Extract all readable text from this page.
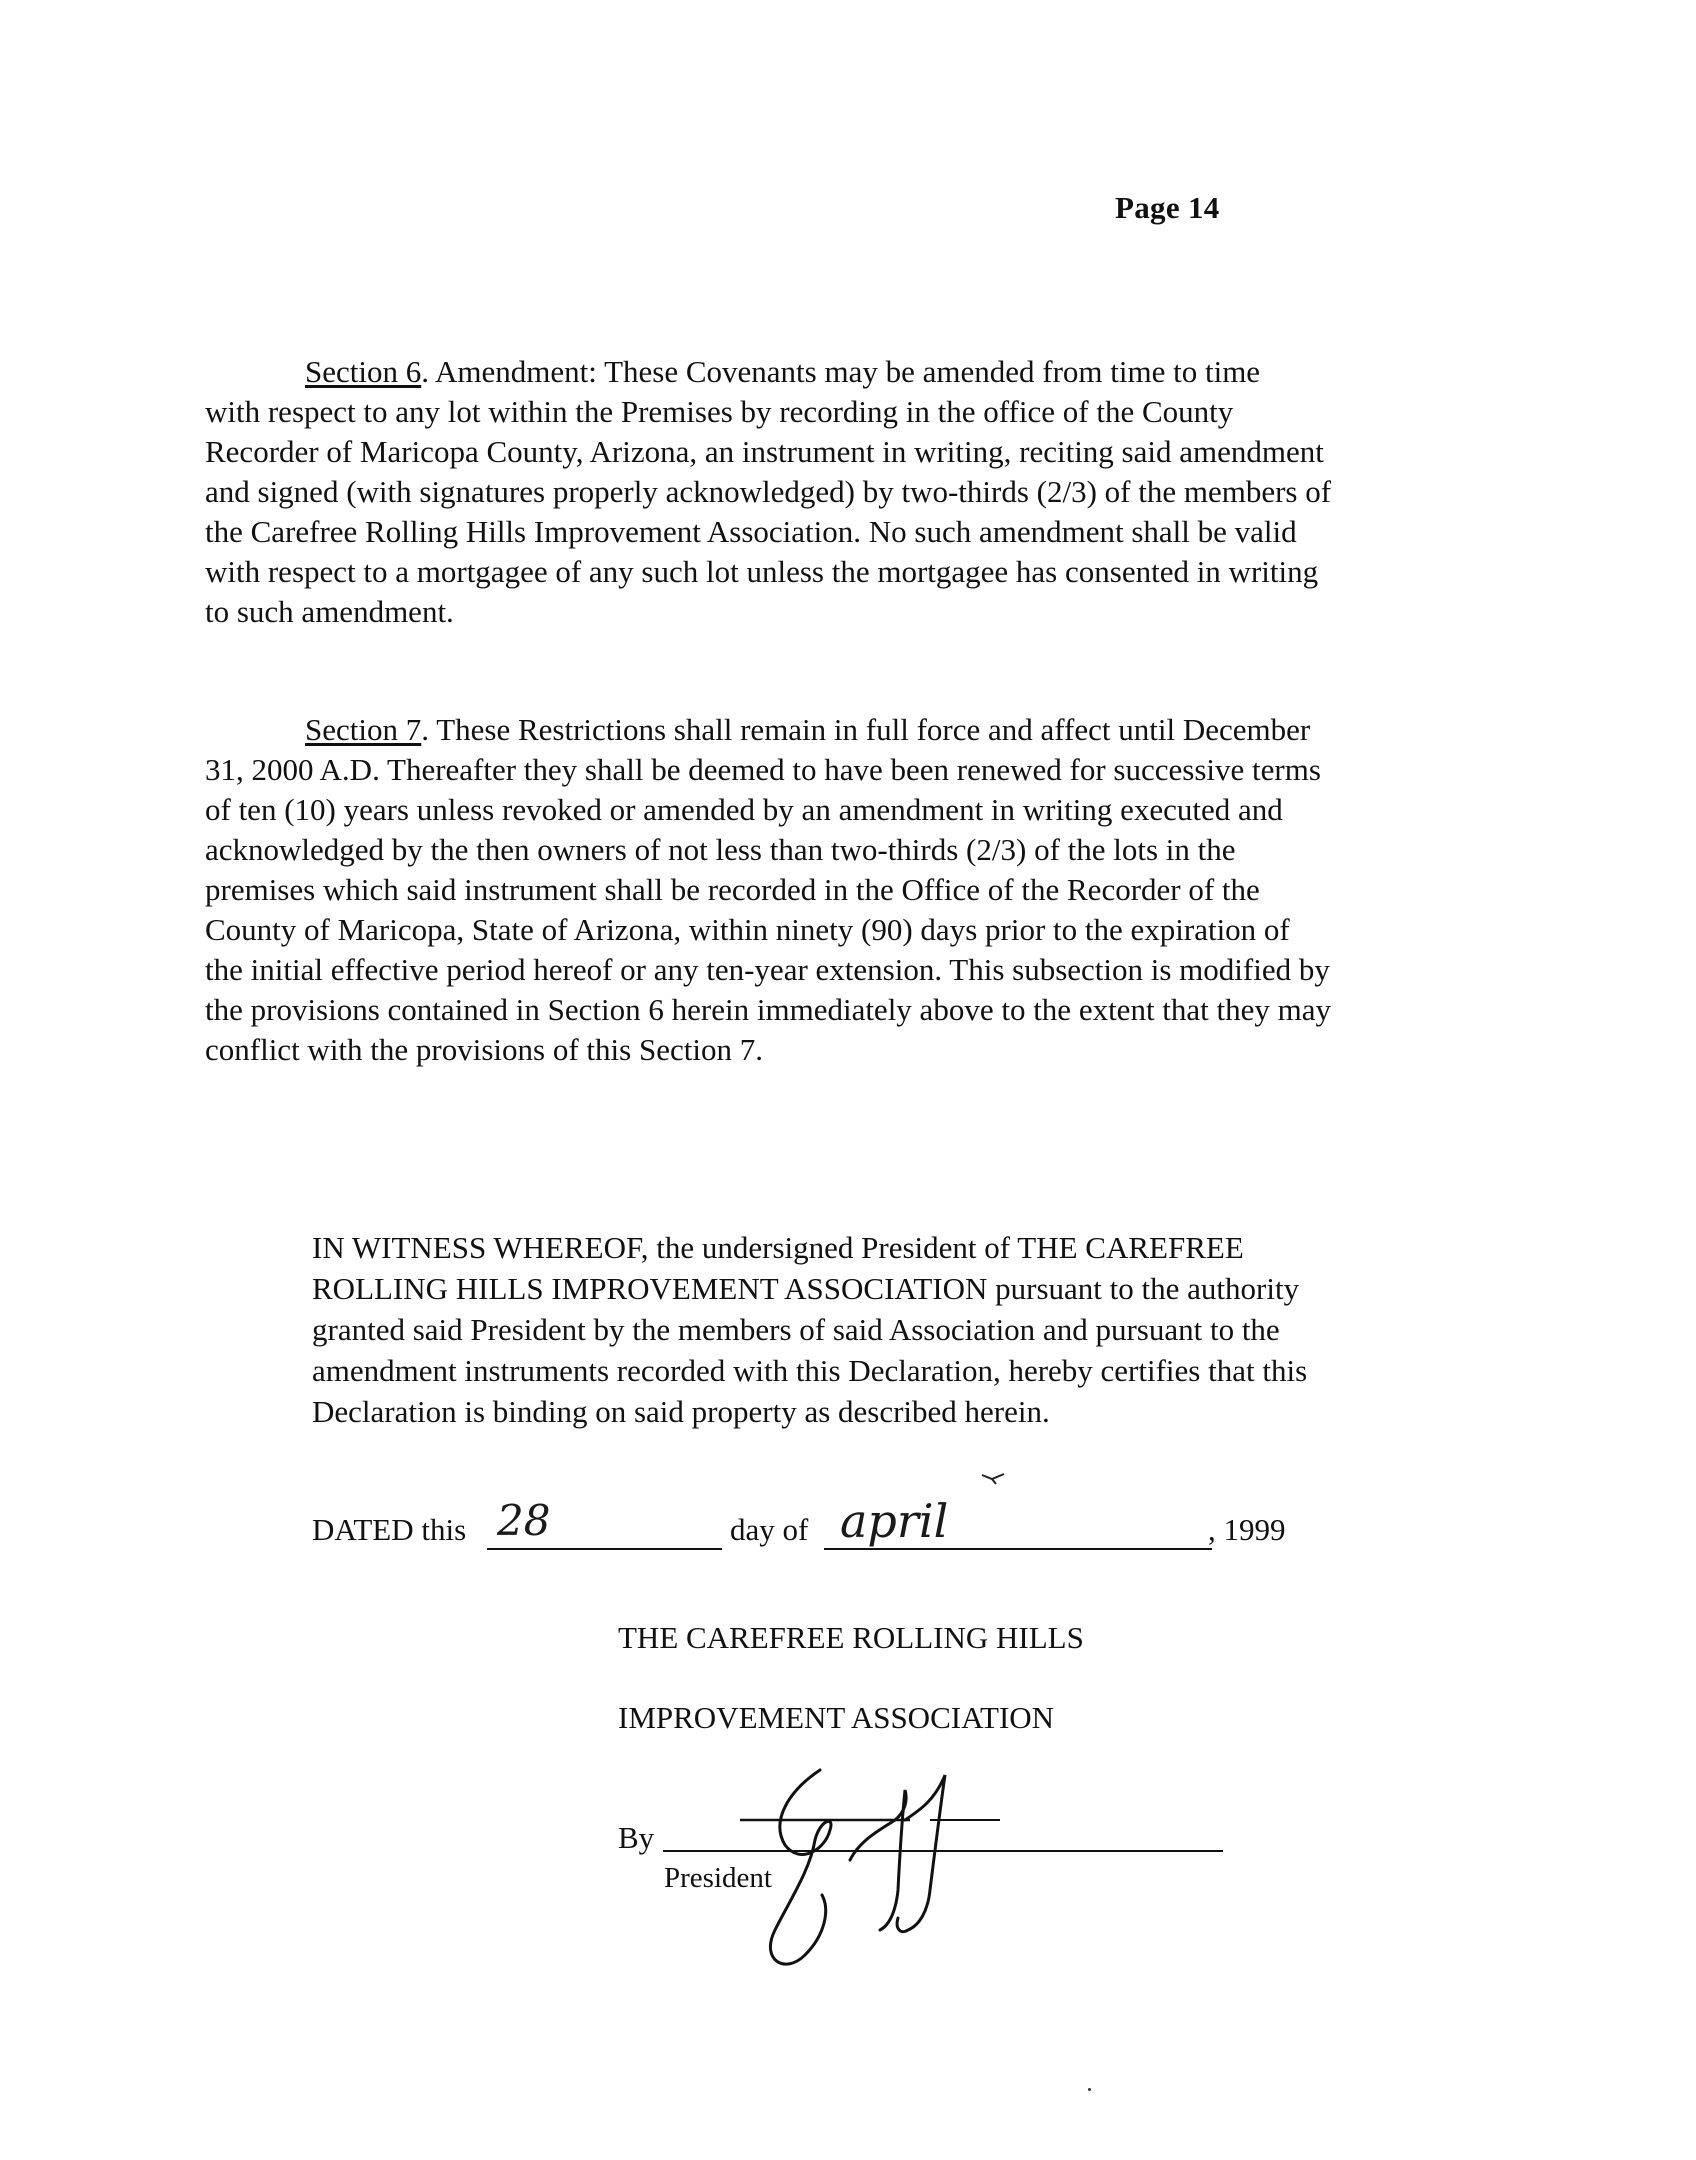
Page 14
Section 6. Amendment: These Covenants may be amended from time to time
with respect to any lot within the Premises by recording in the office of the County
Recorder of Maricopa County, Arizona, an instrument in writing, reciting said amendment
and signed (with signatures properly acknowledged) by two-thirds (2/3) of the members of
the Carefree Rolling Hills Improvement Association. No such amendment shall be valid
with respect to a mortgagee of any such lot unless the mortgagee has consented in writing
to such amendment.
Section 7. These Restrictions shall remain in full force and affect until December
31, 2000 A.D. Thereafter they shall be deemed to have been renewed for successive terms
of ten (10) years unless revoked or amended by an amendment in writing executed and
acknowledged by the then owners of not less than two-thirds (2/3) of the lots in the
premises which said instrument shall be recorded in the Office of the Recorder of the
County of Maricopa, State of Arizona, within ninety (90) days prior to the expiration of
the initial effective period hereof or any ten-year extension. This subsection is modified by
the provisions contained in Section 6 herein immediately above to the extent that they may
conflict with the provisions of this Section 7.
IN WITNESS WHEREOF, the undersigned President of THE CAREFREE
ROLLING HILLS IMPROVEMENT ASSOCIATION pursuant to the authority
granted said President by the members of said Association and pursuant to the
amendment instruments recorded with this Declaration, hereby certifies that this
Declaration is binding on said property as described herein.
DATED this 28	day of april	, 1999
THE CAREFREE ROLLING HILLS
IMPROVEMENT ASSOCIATION
By
President
